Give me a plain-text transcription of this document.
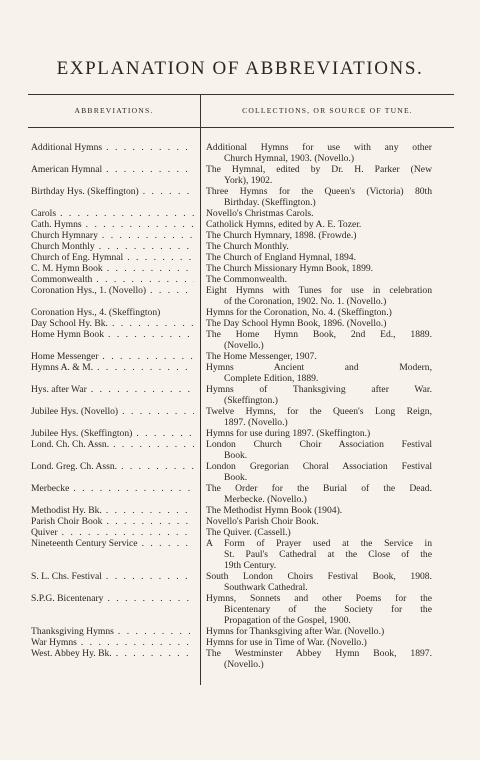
EXPLANATION OF ABBREVIATIONS.
ABBREVIATIONS.	COLLECTIONS, OR SOURCE OF TUNE.
Additional Hymns . . .	Additional Hymns for use with any other
Church Hymnal, 1903. (Novello.)
American Hymnal . . .	The Hymnal, edited by Dr. H. Parker (New
York), 1902.
Birthday Hys. (Skeffington) . . .	Three Hymns for the Queen's (Victoria) 80th
Birthday. (Skeffington.)
Carols . . .	Novello's Christmas Carols.
Cath. Hymns . . .	Catholick Hymns, edited by A. E. Tozer.
Church Hymnary . . .	The Church Hymnary, 1898. (Frowde.)
Church Monthly . . .	The Church Monthly.
Church of Eng. Hymnal . . .	The Church of England Hymnal, 1894.
C. M. Hymn Book . . .	The Church Missionary Hymn Book, 1899.
Commonwealth . . .	The Commonwealth.
Coronation Hys., 1. (Novello) . . .	Eight Hymns with Tunes for use in celebration
of the Coronation, 1902. No. 1. (Novello.)
Coronation Hys., 4. (Skeffington)	Hymns for the Coronation, No. 4. (Skeffington.)
Day School Hy. Bk. . . .	The Day School Hymn Book, 1896. (Novello.)
Home Hymn Book . . .	The Home Hymn Book, 2nd Ed., 1889.
(Novello.)
Home Messenger . . .	The Home Messenger, 1907.
Hymns A. & M. . . .	Hymns Ancient and Modern,
Complete Edition, 1889.
Hys. after War . . .	Hymns of Thanksgiving after War.
(Skeffington.)
Jubilee Hys. (Novello) . . .	Twelve Hymns, for the Queen's Long Reign,
1897. (Novello.)
Jubilee Hys. (Skeffington) . . .	Hymns for use during 1897. (Skeffington.)
Lond. Ch. Ch. Assn. . . .	London Church Choir Association Festival
Book.
Lond. Greg. Ch. Assn. . . .	London Gregorian Choral Association Festival
Book.
Merbecke . . .	The Order for the Burial of the Dead.
Merbecke. (Novello.)
Methodist Hy. Bk. . . .	The Methodist Hymn Book (1904).
Parish Choir Book . . .	Novello's Parish Choir Book.
Quiver . . .	The Quiver. (Cassell.)
Nineteenth Century Service . . .	A Form of Prayer used at the Service in
St. Paul's Cathedral at the Close of the
19th Century.
S. L. Chs. Festival . . .	South London Choirs Festival Book, 1908.
Southwark Cathedral.
S.P.G. Bicentenary . . .	Hymns, Sonnets and other Poems for the
Bicentenary of the Society for the
Propagation of the Gospel, 1900.
Thanksgiving Hymns . . .	Hymns for Thanksgiving after War. (Novello.)
War Hymns . . .	Hymns for use in Time of War. (Novello.)
West. Abbey Hy. Bk. . . .	The Westminster Abbey Hymn Book, 1897.
(Novello.)
